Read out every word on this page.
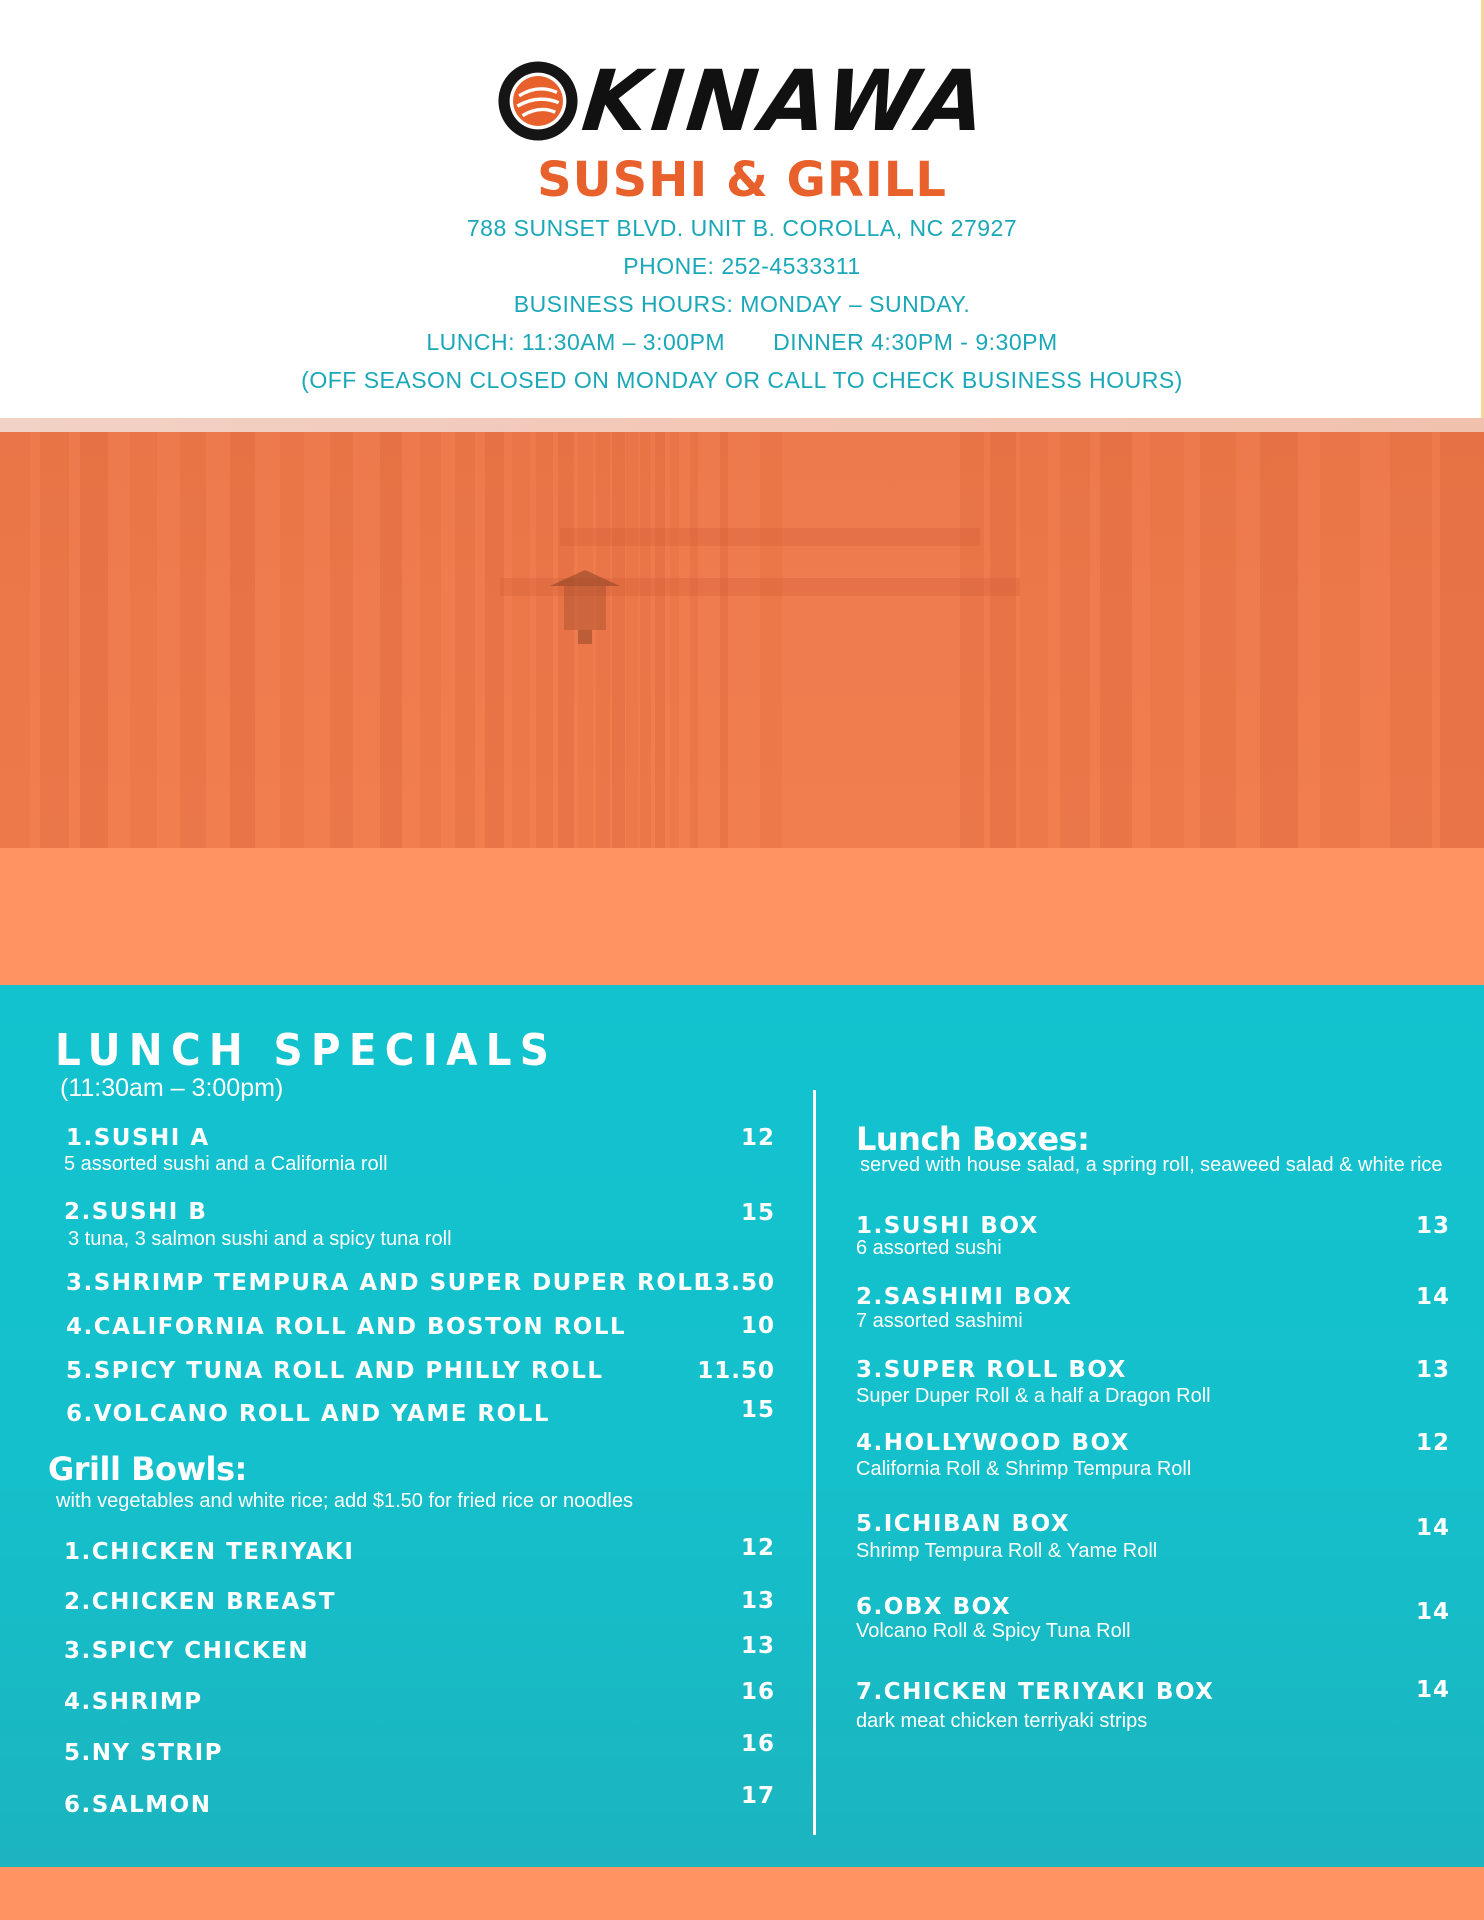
KINAWA
SUSHI & GRILL
788 SUNSET BLVD. UNIT B. COROLLA, NC 27927
PHONE: 252-4533311
BUSINESS HOURS: MONDAY – SUNDAY.
LUNCH: 11:30AM – 3:00PM DINNER 4:30PM - 9:30PM
(OFF SEASON CLOSED ON MONDAY OR CALL TO CHECK BUSINESS HOURS)
LUNCH SPECIALS
(11:30am – 3:00pm)
1.SUSHI A
5 assorted sushi and a California roll
12
2.SUSHI B
3 tuna, 3 salmon sushi and a spicy tuna roll
15
3.SHRIMP TEMPURA AND SUPER DUPER ROLL
13.50
4.CALIFORNIA ROLL AND BOSTON ROLL	10
5.SPICY TUNA ROLL AND PHILLY ROLL	11.50
6.VOLCANO ROLL AND YAME ROLL	15
Grill Bowls:
with vegetables and white rice; add $1.50 for fried rice or noodles
1.CHICKEN TERIYAKI	12
2.CHICKEN BREAST	13
3.SPICY CHICKEN	13
4.SHRIMP	16
5.NY STRIP	16
6.SALMON	17
Lunch Boxes:
served with house salad, a spring roll, seaweed salad & white rice
1.SUSHI BOX
6 assorted sushi
13
2.SASHIMI BOX
7 assorted sashimi
14
3.SUPER ROLL BOX
Super Duper Roll & a half a Dragon Roll
13
4.HOLLYWOOD BOX
California Roll & Shrimp Tempura Roll
12
5.ICHIBAN BOX
Shrimp Tempura Roll & Yame Roll
14
6.OBX BOX
Volcano Roll & Spicy Tuna Roll
14
7.CHICKEN TERIYAKI BOX
dark meat chicken terriyaki strips
14
